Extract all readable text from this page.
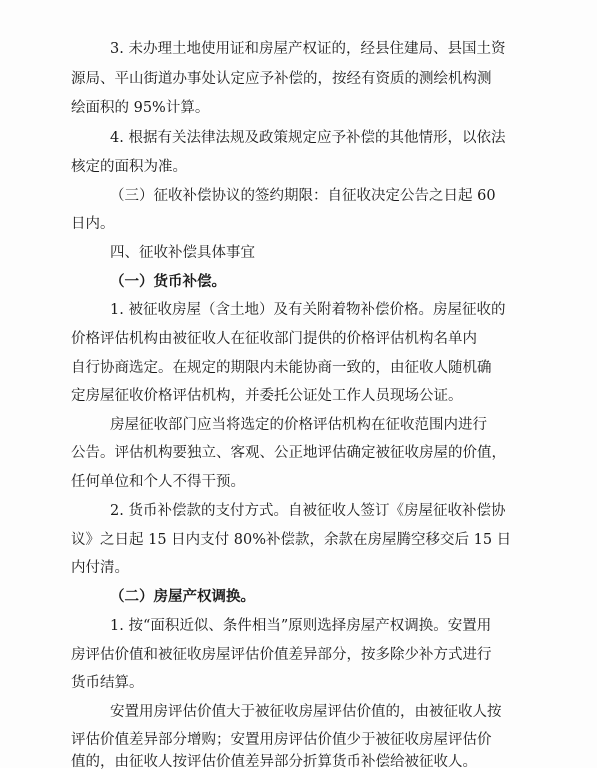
3. 未办理土地使用证和房屋产权证的，经县住建局、县国土资
源局、平山街道办事处认定应予补偿的，按经有资质的测绘机构测
绘面积的 95%计算。
4. 根据有关法律法规及政策规定应予补偿的其他情形，以依法
核定的面积为准。
（三）征收补偿协议的签约期限：自征收决定公告之日起 60
日内。
四、征收补偿具体事宜
（一）货币补偿。
1. 被征收房屋（含土地）及有关附着物补偿价格。房屋征收的
价格评估机构由被征收人在征收部门提供的价格评估机构名单内
自行协商选定。在规定的期限内未能协商一致的，由征收人随机确
定房屋征收价格评估机构，并委托公证处工作人员现场公证。
房屋征收部门应当将选定的价格评估机构在征收范围内进行
公告。评估机构要独立、客观、公正地评估确定被征收房屋的价值，
任何单位和个人不得干预。
2. 货币补偿款的支付方式。自被征收人签订《房屋征收补偿协
议》之日起 15 日内支付 80%补偿款，余款在房屋腾空移交后 15 日
内付清。
（二）房屋产权调换。
1. 按“面积近似、条件相当”原则选择房屋产权调换。安置用
房评估价值和被征收房屋评估价值差异部分，按多除少补方式进行
货币结算。
安置用房评估价值大于被征收房屋评估价值的，由被征收人按
评估价值差异部分增购；安置用房评估价值少于被征收房屋评估价
值的，由征收人按评估价值差异部分折算货币补偿给被征收人。
